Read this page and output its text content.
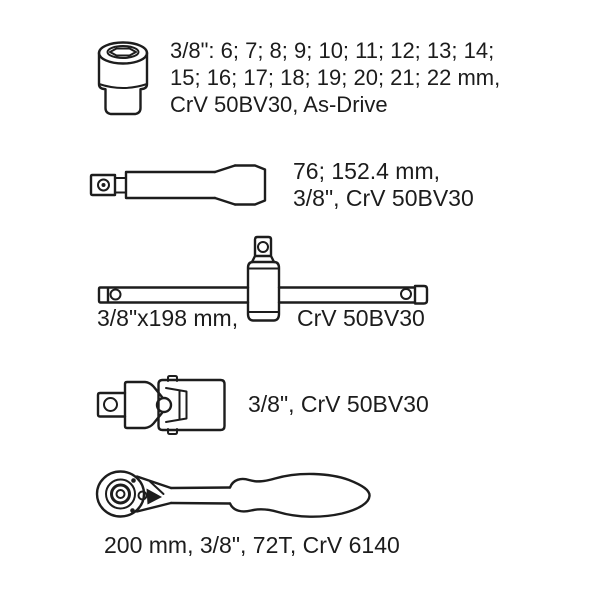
3/8": 6; 7; 8; 9; 10; 11; 12; 13; 14;
15; 16; 17; 18; 19; 20; 21; 22 mm,
CrV 50BV30, As-Drive
76; 152.4 mm,
3/8", CrV 50BV30
3/8"x198 mm,	CrV 50BV30
3/8", CrV 50BV30
200 mm, 3/8", 72T, CrV 6140
